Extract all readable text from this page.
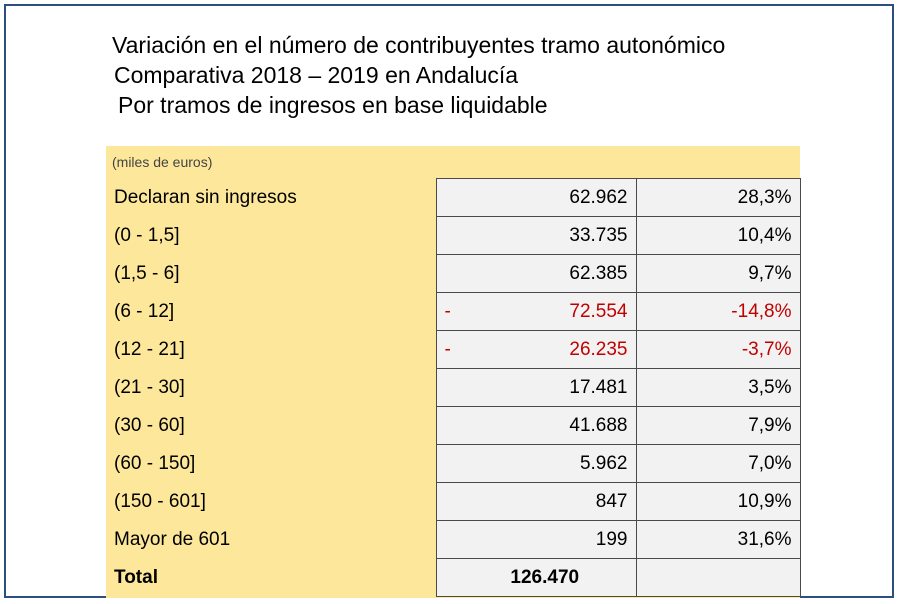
Variación en el número de contribuyentes tramo autonómico
Comparativa 2018 – 2019 en Andalucía
Por tramos de ingresos en base liquidable
(miles de euros)
Declaran sin ingresos		62.962	28,3%
(0 - 1,5]		33.735	10,4%
(1,5 - 6]		62.385	9,7%
(6 - 12]	-	72.554	-14,8%
(12 - 21]	-	26.235	-3,7%
(21 - 30]		17.481	3,5%
(30 - 60]		41.688	7,9%
(60 - 150]		5.962	7,0%
(150 - 601]		847	10,9%
Mayor de 601		199	31,6%
Total		126.470	
